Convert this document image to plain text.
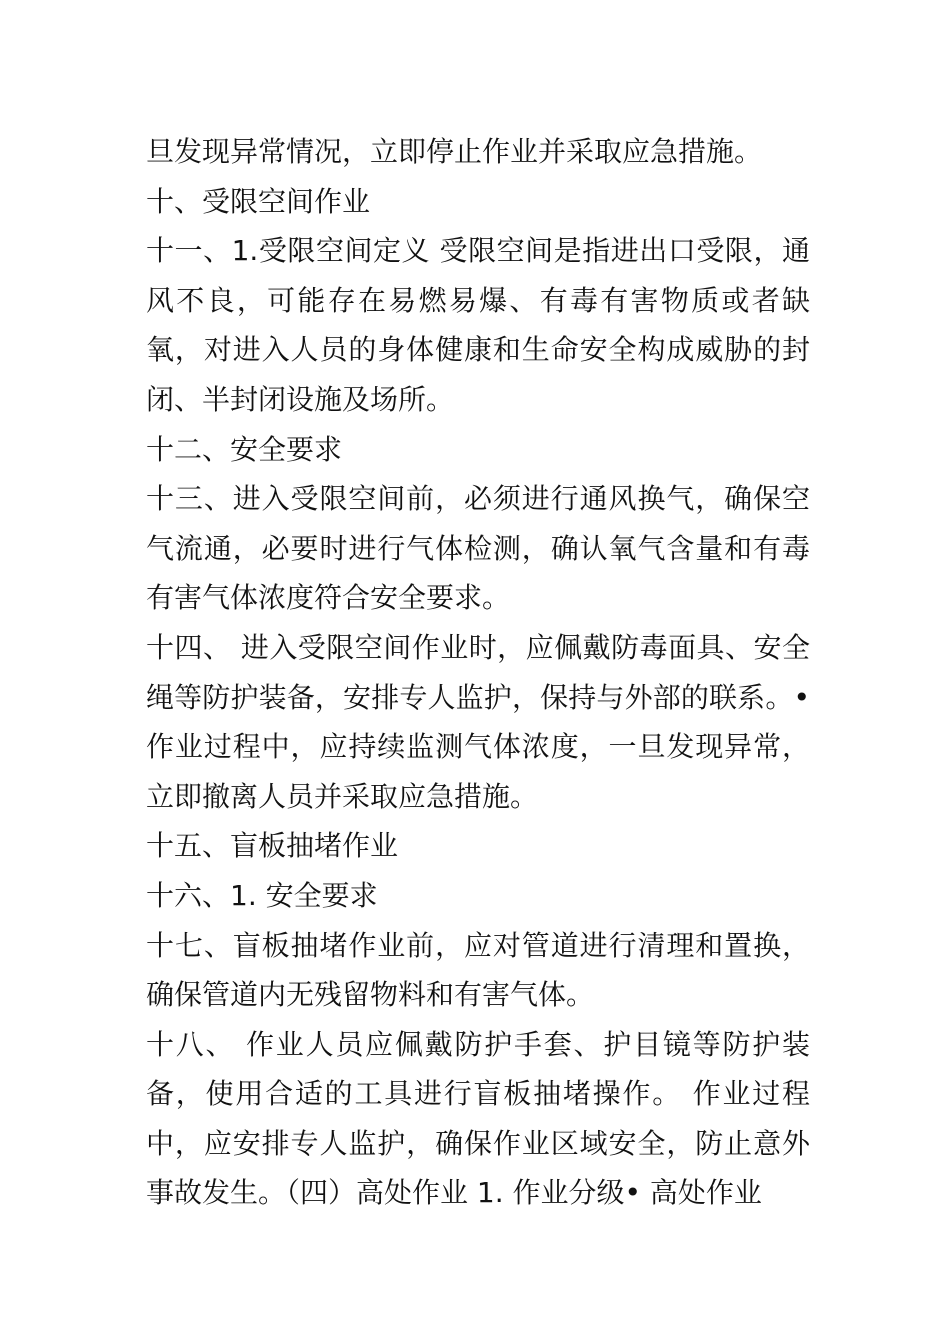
旦发现异常情况，立即停止作业并采取应急措施。

十、受限空间作业

十一、1.受限空间定义 受限空间是指进出口受限，通风不良，可能存在易燃易爆、有毒有害物质或者缺氧，对进入人员的身体健康和生命安全构成威胁的封闭、半封闭设施及场所。

十二、安全要求

十三、进入受限空间前，必须进行通风换气，确保空气流通，必要时进行气体检测，确认氧气含量和有毒有害气体浓度符合安全要求。

十四、 进入受限空间作业时，应佩戴防毒面具、安全绳等防护装备，安排专人监护，保持与外部的联系。• 作业过程中，应持续监测气体浓度，一旦发现异常，立即撤离人员并采取应急措施。

十五、盲板抽堵作业

十六、1. 安全要求

十七、盲板抽堵作业前，应对管道进行清理和置换，确保管道内无残留物料和有害气体。

十八、 作业人员应佩戴防护手套、护目镜等防护装备，使用合适的工具进行盲板抽堵操作。 作业过程中，应安排专人监护，确保作业区域安全，防止意外事故发生。（四）高处作业 1. 作业分级• 高处作业
